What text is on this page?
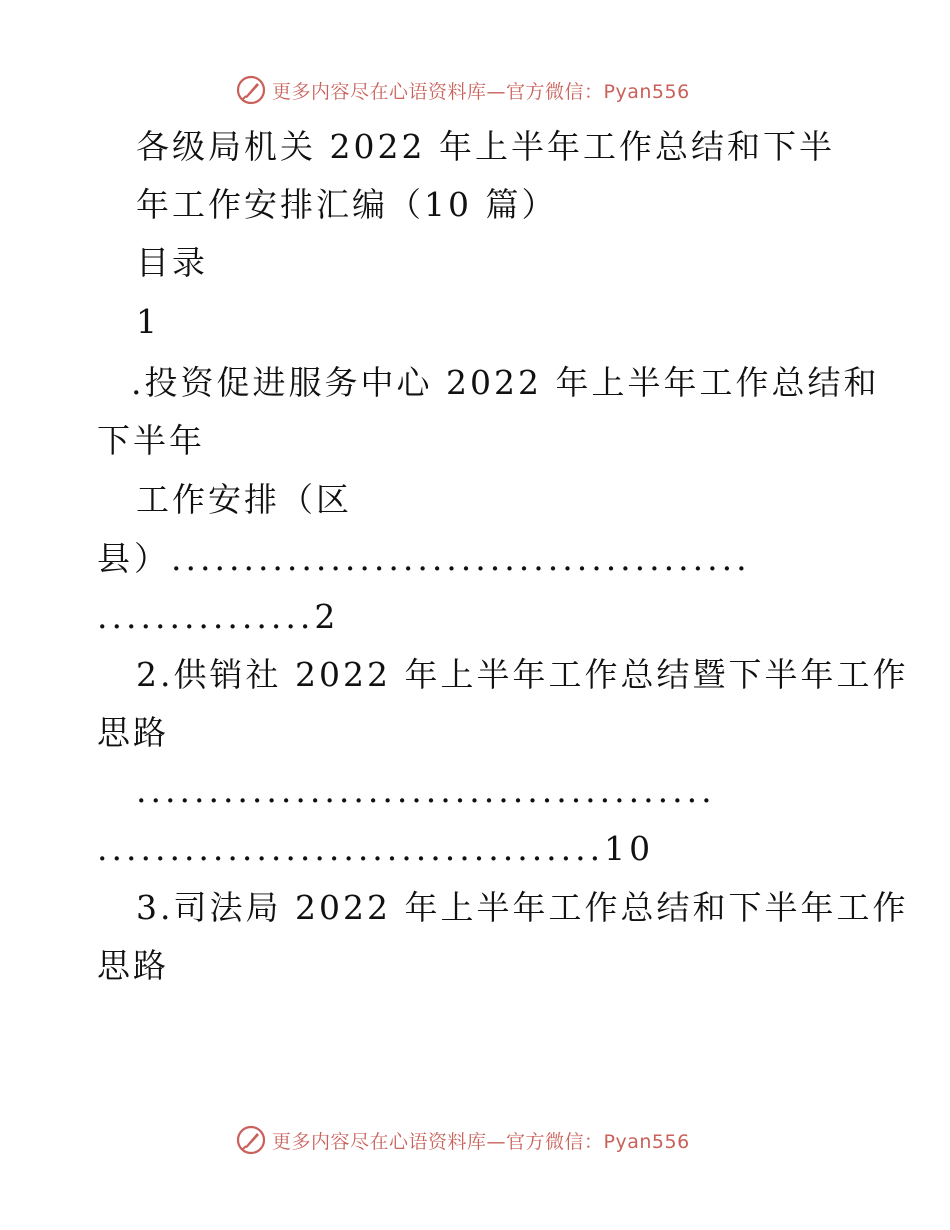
更多内容尽在心语资料库—官方微信：Pyan556
各级局机关 2022 年上半年工作总结和下半
年工作安排汇编（10 篇）
目录
1
.投资促进服务中心 2022 年上半年工作总结和
下半年
工作安排（区
县）........................................
...............2
2.供销社 2022 年上半年工作总结暨下半年工作
思路
........................................
...................................10
3.司法局 2022 年上半年工作总结和下半年工作
思路
更多内容尽在心语资料库—官方微信：Pyan556
